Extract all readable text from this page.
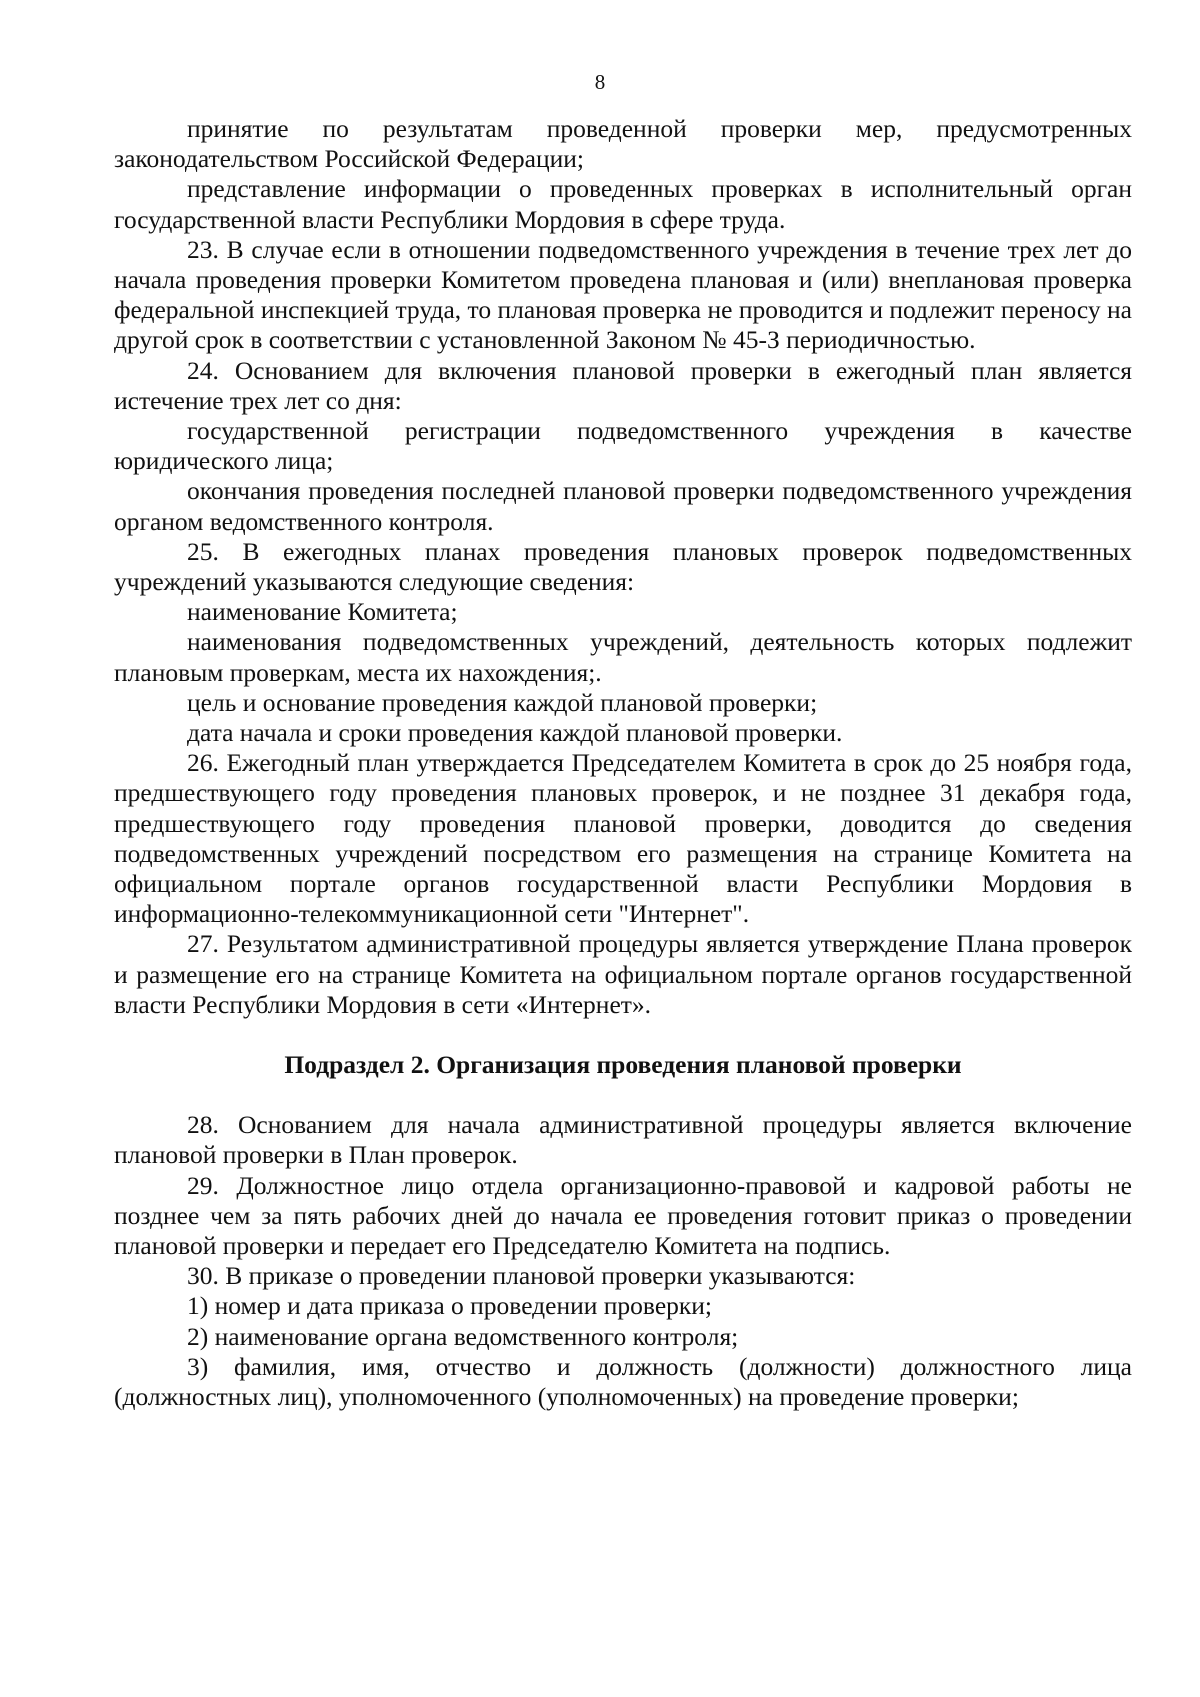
8

принятие по результатам проведенной проверки мер, предусмотренных законодательством Российской Федерации;

представление информации о проведенных проверках в исполнительный орган государственной власти Республики Мордовия в сфере труда.

23. В случае если в отношении подведомственного учреждения в течение трех лет до начала проведения проверки Комитетом проведена плановая и (или) внеплановая проверка федеральной инспекцией труда, то плановая проверка не проводится и подлежит переносу на другой срок в соответствии с установленной Законом № 45-З периодичностью.

24. Основанием для включения плановой проверки в ежегодный план является истечение трех лет со дня:

государственной регистрации подведомственного учреждения в качестве юридического лица;

окончания проведения последней плановой проверки подведомственного учреждения органом ведомственного контроля.

25. В ежегодных планах проведения плановых проверок подведомственных учреждений указываются следующие сведения:

наименование Комитета;

наименования подведомственных учреждений, деятельность которых подлежит плановым проверкам, места их нахождения;.

цель и основание проведения каждой плановой проверки;

дата начала и сроки проведения каждой плановой проверки.

26. Ежегодный план утверждается Председателем Комитета в срок до 25 ноября года, предшествующего году проведения плановых проверок, и не позднее 31 декабря года, предшествующего году проведения плановой проверки, доводится до сведения подведомственных учреждений посредством его размещения на странице Комитета на официальном портале органов государственной власти Республики Мордовия в информационно-телекоммуникационной сети "Интернет".

27. Результатом административной процедуры является утверждение Плана проверок и размещение его на странице Комитета на официальном портале органов государственной власти Республики Мордовия в сети «Интернет».

Подраздел 2. Организация проведения плановой проверки

28. Основанием для начала административной процедуры является включение плановой проверки в План проверок.

29. Должностное лицо отдела организационно-правовой и кадровой работы не позднее чем за пять рабочих дней до начала ее проведения готовит приказ о проведении плановой проверки и передает его Председателю Комитета на подпись.

30. В приказе о проведении плановой проверки указываются:

1) номер и дата приказа о проведении проверки;

2) наименование органа ведомственного контроля;

3) фамилия, имя, отчество и должность (должности) должностного лица (должностных лиц), уполномоченного (уполномоченных) на проведение проверки;
